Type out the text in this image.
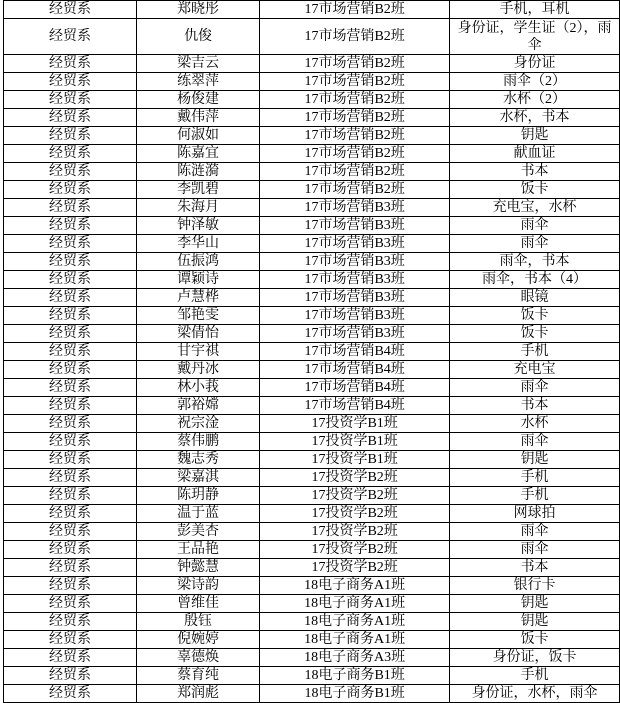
经贸系	郑晓彤	17市场营销B2班	手机，耳机
经贸系	仇俊	17市场营销B2班	身份证，学生证（2），雨伞
经贸系	梁吉云	17市场营销B2班	身份证
经贸系	练翠萍	17市场营销B2班	雨伞（2）
经贸系	杨俊建	17市场营销B2班	水杯（2）
经贸系	戴伟萍	17市场营销B2班	水杯，书本
经贸系	何淑如	17市场营销B2班	钥匙
经贸系	陈嘉宜	17市场营销B2班	献血证
经贸系	陈涟漪	17市场营销B2班	书本
经贸系	李凯碧	17市场营销B2班	饭卡
经贸系	朱海月	17市场营销B3班	充电宝，水杯
经贸系	钟泽敏	17市场营销B3班	雨伞
经贸系	李华山	17市场营销B3班	雨伞
经贸系	伍振鸿	17市场营销B3班	雨伞，书本
经贸系	谭颖诗	17市场营销B3班	雨伞，书本（4）
经贸系	卢慧桦	17市场营销B3班	眼镜
经贸系	邹艳雯	17市场营销B3班	饭卡
经贸系	梁倩怡	17市场营销B3班	饭卡
经贸系	甘宇祺	17市场营销B4班	手机
经贸系	戴丹冰	17市场营销B4班	充电宝
经贸系	林小莪	17市场营销B4班	雨伞
经贸系	郭裕嫦	17市场营销B4班	书本
经贸系	祝宗淦	17投资学B1班	水杯
经贸系	蔡伟鹏	17投资学B1班	雨伞
经贸系	魏志秀	17投资学B1班	钥匙
经贸系	梁嘉淇	17投资学B2班	手机
经贸系	陈玥静	17投资学B2班	手机
经贸系	温于蓝	17投资学B2班	网球拍
经贸系	彭美杏	17投资学B2班	雨伞
经贸系	王品艳	17投资学B2班	雨伞
经贸系	钟懿慧	17投资学B2班	书本
经贸系	梁诗韵	18电子商务A1班	银行卡
经贸系	曾维佳	18电子商务A1班	钥匙
经贸系	殷钰	18电子商务A1班	钥匙
经贸系	倪婉婷	18电子商务A1班	饭卡
经贸系	辜德焕	18电子商务A3班	身份证，饭卡
经贸系	蔡育纯	18电子商务B1班	手机
经贸系	郑润彪	18电子商务B1班	身份证，水杯，雨伞
